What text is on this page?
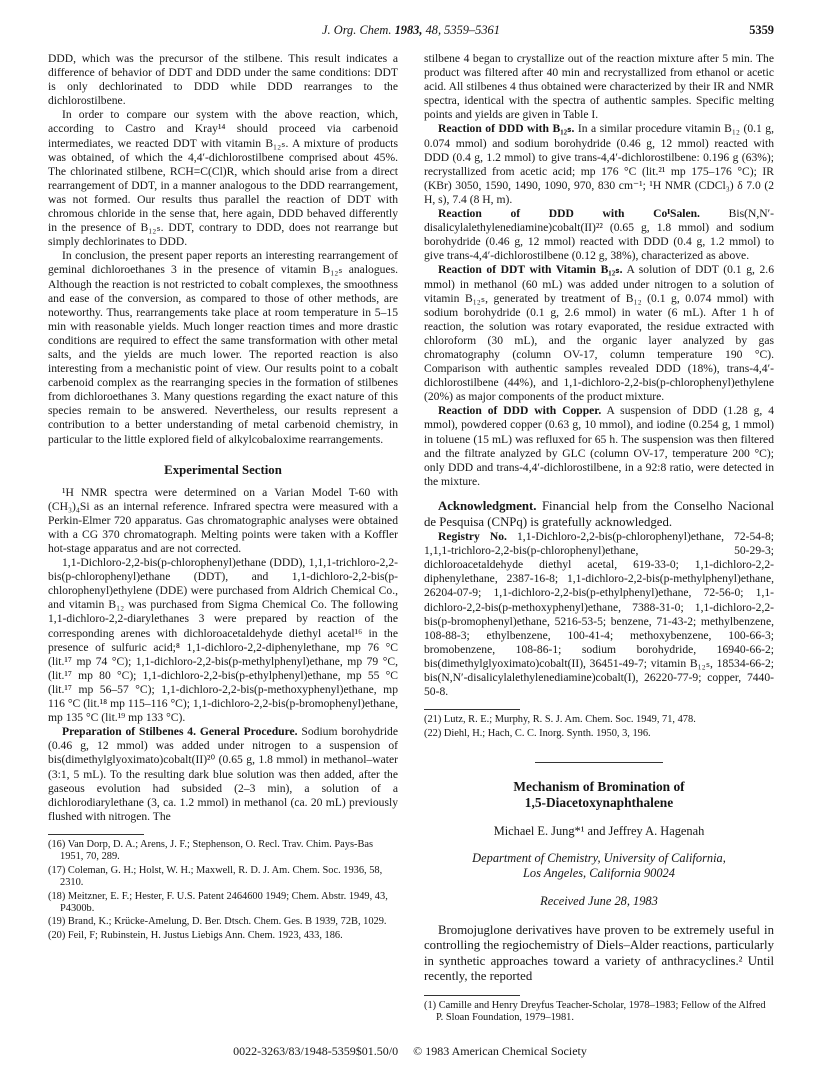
J. Org. Chem. 1983, 48, 5359–5361	5359

DDD, which was the precursor of the stilbene. This result indicates a difference of behavior of DDT and DDD under the same conditions: DDT is only dechlorinated to DDD while DDD rearranges to the dichlorostilbene.

In order to compare our system with the above reaction, which, according to Castro and Kray¹⁴ should proceed via carbenoid intermediates, we reacted DDT with vitamin B₁₂ₛ. A mixture of products was obtained, of which the 4,4′-dichlorostilbene comprised about 45%. The chlorinated stilbene, RCH=C(Cl)R, which should arise from a direct rearrangement of DDT, in a manner analogous to the DDD rearrangement, was not formed. Our results thus parallel the reaction of DDT with chromous chloride in the sense that, here again, DDD behaved differently in the presence of B₁₂ₛ. DDT, contrary to DDD, does not rearrange but simply dechlorinates to DDD.

In conclusion, the present paper reports an interesting rearrangement of geminal dichloroethanes 3 in the presence of vitamin B₁₂ₛ analogues. Although the reaction is not restricted to cobalt complexes, the smoothness and ease of the conversion, as compared to those of other methods, are noteworthy. Thus, rearrangements take place at room temperature in 5–15 min with reasonable yields. Much longer reaction times and more drastic conditions are required to effect the same transformation with other metal salts, and the yields are much lower. The reported reaction is also interesting from a mechanistic point of view. Our results point to a cobalt carbenoid complex as the rearranging species in the formation of stilbenes from dichloroethanes 3. Many questions regarding the exact nature of this species remain to be answered. Nevertheless, our results represent a contribution to a better understanding of metal carbenoid chemistry, in particular to the little explored field of alkylcobaloxime rearrangements.

Experimental Section

¹H NMR spectra were determined on a Varian Model T-60 with (CH₃)₄Si as an internal reference. Infrared spectra were measured with a Perkin-Elmer 720 apparatus. Gas chromatographic analyses were obtained with a CG 370 chromatograph. Melting points were taken with a Koffler hot-stage apparatus and are not corrected.

1,1-Dichloro-2,2-bis(p-chlorophenyl)ethane (DDD), 1,1,1-trichloro-2,2-bis(p-chlorophenyl)ethane (DDT), and 1,1-dichloro-2,2-bis(p-chlorophenyl)ethylene (DDE) were purchased from Aldrich Chemical Co., and vitamin B₁₂ was purchased from Sigma Chemical Co. The following 1,1-dichloro-2,2-diarylethanes 3 were prepared by reaction of the corresponding arenes with dichloroacetaldehyde diethyl acetal¹⁶ in the presence of sulfuric acid;⁸ 1,1-dichloro-2,2-diphenylethane, mp 76 °C (lit.¹⁷ mp 74 °C); 1,1-dichloro-2,2-bis(p-methylphenyl)ethane, mp 79 °C, (lit.¹⁷ mp 80 °C); 1,1-dichloro-2,2-bis(p-ethylphenyl)ethane, mp 55 °C (lit.¹⁷ mp 56–57 °C); 1,1-dichloro-2,2-bis(p-methoxyphenyl)ethane, mp 116 °C (lit.¹⁸ mp 115–116 °C); 1,1-dichloro-2,2-bis(p-bromophenyl)ethane, mp 135 °C (lit.¹⁹ mp 133 °C).

Preparation of Stilbenes 4. General Procedure. Sodium borohydride (0.46 g, 12 mmol) was added under nitrogen to a suspension of bis(dimethylglyoximato)cobalt(II)²⁰ (0.65 g, 1.8 mmol) in methanol–water (3:1, 5 mL). To the resulting dark blue solution was then added, after the gaseous evolution had subsided (2–3 min), a solution of a dichlorodiarylethane (3, ca. 1.2 mmol) in methanol (ca. 20 mL) previously flushed with nitrogen. The

(16) Van Dorp, D. A.; Arens, J. F.; Stephenson, O. Recl. Trav. Chim. Pays-Bas 1951, 70, 289.

(17) Coleman, G. H.; Holst, W. H.; Maxwell, R. D. J. Am. Chem. Soc. 1936, 58, 2310.

(18) Meitzner, E. F.; Hester, F. U.S. Patent 2464600 1949; Chem. Abstr. 1949, 43, P4300b.

(19) Brand, K.; Krücke-Amelung, D. Ber. Dtsch. Chem. Ges. B 1939, 72B, 1029.

(20) Feil, F; Rubinstein, H. Justus Liebigs Ann. Chem. 1923, 433, 186.

stilbene 4 began to crystallize out of the reaction mixture after 5 min. The product was filtered after 40 min and recrystallized from ethanol or acetic acid. All stilbenes 4 thus obtained were characterized by their IR and NMR spectra, identical with the spectra of authentic samples. Specific melting points and yields are given in Table I.

Reaction of DDD with B₁₂ₛ. In a similar procedure vitamin B₁₂ (0.1 g, 0.074 mmol) and sodium borohydride (0.46 g, 12 mmol) reacted with DDD (0.4 g, 1.2 mmol) to give trans-4,4′-dichlorostilbene: 0.196 g (63%); recrystallized from acetic acid; mp 176 °C (lit.²¹ mp 175–176 °C); IR (KBr) 3050, 1590, 1490, 1090, 970, 830 cm⁻¹; ¹H NMR (CDCl₃) δ 7.0 (2 H, s), 7.4 (8 H, m).

Reaction of DDD with CoᴵSalen. Bis(N,N′-disalicylalethylenediamine)cobalt(II)²² (0.65 g, 1.8 mmol) and sodium borohydride (0.46 g, 12 mmol) reacted with DDD (0.4 g, 1.2 mmol) to give trans-4,4′-dichlorostilbene (0.12 g, 38%), characterized as above.

Reaction of DDT with Vitamin B₁₂ₛ. A solution of DDT (0.1 g, 2.6 mmol) in methanol (60 mL) was added under nitrogen to a solution of vitamin B₁₂ₛ, generated by treatment of B₁₂ (0.1 g, 0.074 mmol) with sodium borohydride (0.1 g, 2.6 mmol) in water (6 mL). After 1 h of reaction, the solution was rotary evaporated, the residue extracted with chloroform (30 mL), and the organic layer analyzed by gas chromatography (column OV-17, column temperature 190 °C). Comparison with authentic samples revealed DDD (18%), trans-4,4′-dichlorostilbene (44%), and 1,1-dichloro-2,2-bis(p-chlorophenyl)ethylene (20%) as major components of the product mixture.

Reaction of DDD with Copper. A suspension of DDD (1.28 g, 4 mmol), powdered copper (0.63 g, 10 mmol), and iodine (0.254 g, 1 mmol) in toluene (15 mL) was refluxed for 65 h. The suspension was then filtered and the filtrate analyzed by GLC (column OV-17, temperature 200 °C); only DDD and trans-4,4′-dichlorostilbene, in a 92:8 ratio, were detected in the mixture.

Acknowledgment. Financial help from the Conselho Nacional de Pesquisa (CNPq) is gratefully acknowledged.

Registry No. 1,1-Dichloro-2,2-bis(p-chlorophenyl)ethane, 72-54-8; 1,1,1-trichloro-2,2-bis(p-chlorophenyl)ethane, 50-29-3; dichloroacetaldehyde diethyl acetal, 619-33-0; 1,1-dichloro-2,2-diphenylethane, 2387-16-8; 1,1-dichloro-2,2-bis(p-methylphenyl)ethane, 26204-07-9; 1,1-dichloro-2,2-bis(p-ethylphenyl)ethane, 72-56-0; 1,1-dichloro-2,2-bis(p-methoxyphenyl)ethane, 7388-31-0; 1,1-dichloro-2,2-bis(p-bromophenyl)ethane, 5216-53-5; benzene, 71-43-2; methylbenzene, 108-88-3; ethylbenzene, 100-41-4; methoxybenzene, 100-66-3; bromobenzene, 108-86-1; sodium borohydride, 16940-66-2; bis(dimethylglyoximato)cobalt(II), 36451-49-7; vitamin B₁₂ₛ, 18534-66-2; bis(N,N′-disalicylalethylenediamine)cobalt(I), 26220-77-9; copper, 7440-50-8.

(21) Lutz, R. E.; Murphy, R. S. J. Am. Chem. Soc. 1949, 71, 478.

(22) Diehl, H.; Hach, C. C. Inorg. Synth. 1950, 3, 196.

Mechanism of Bromination of
1,5-Diacetoxynaphthalene
Michael E. Jung*¹ and Jeffrey A. Hagenah
Department of Chemistry, University of California,
Los Angeles, California 90024
Received June 28, 1983

Bromojuglone derivatives have proven to be extremely useful in controlling the regiochemistry of Diels–Alder reactions, particularly in synthetic approaches toward a variety of anthracyclines.² Until recently, the reported

(1) Camille and Henry Dreyfus Teacher-Scholar, 1978–1983; Fellow of the Alfred P. Sloan Foundation, 1979–1981.

0022-3263/83/1948-5359$01.50/0 © 1983 American Chemical Society
